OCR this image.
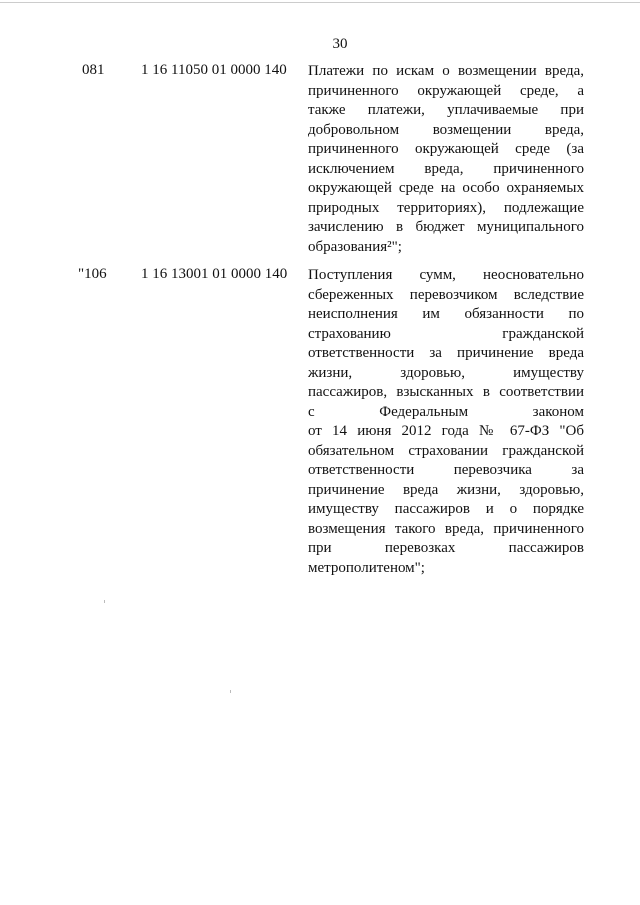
30
081 1 16 11050 01 0000 140 Платежи по искам о возмещении вреда,
причиненного окружающей среде, а
также платежи, уплачиваемые при
добровольном возмещении вреда,
причиненного окружающей среде (за
исключением вреда, причиненного
окружающей среде на особо охраняемых
природных территориях), подлежащие
зачислению в бюджет муниципального
образования²";
"106 1 16 13001 01 0000 140 Поступления сумм, неосновательно
сбереженных перевозчиком вследствие
неисполнения им обязанности по
страхованию гражданской
ответственности за причинение вреда
жизни, здоровью, имуществу
пассажиров, взысканных в соответствии
с Федеральным законом
от 14 июня 2012 года № 67-ФЗ "Об
обязательном страховании гражданской
ответственности перевозчика за
причинение вреда жизни, здоровью,
имуществу пассажиров и о порядке
возмещения такого вреда, причиненного
при перевозках пассажиров
метрополитеном";
